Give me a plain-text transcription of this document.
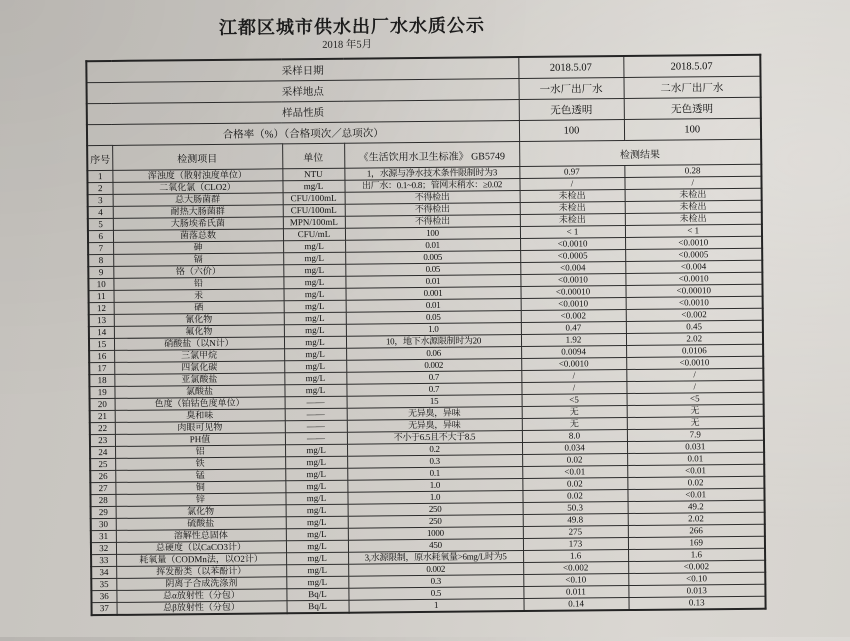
江都区城市供水出厂水水质公示
2018 年5月
采样日期				2018.5.07	2018.5.07
采样地点				一水厂出厂水	二水厂出厂水
样品性质				无色透明	无色透明
合格率（%）（合格项次／总项次）				100	100
序号	检测项目	单位	《生活饮用水卫生标准》 GB5749	检测结果	
1	浑浊度（散射浊度单位）	NTU	1，水源与净水技术条件限制时为3	0.97	0.28
2	二氧化氯（CLO2）	mg/L	出厂水：0.1~0.8；管网末稍水：≥0.02	/	/
3	总大肠菌群	CFU/100mL	不得检出	未检出	未检出
4	耐热大肠菌群	CFU/100mL	不得检出	未检出	未检出
5	大肠埃希氏菌	MPN/100mL	不得检出	未检出	未检出
6	菌落总数	CFU/mL	100	< 1	< 1
7	砷	mg/L	0.01	<0.0010	<0.0010
8	镉	mg/L	0.005	<0.0005	<0.0005
9	铬（六价）	mg/L	0.05	<0.004	<0.004
10	铅	mg/L	0.01	<0.0010	<0.0010
11	汞	mg/L	0.001	<0.00010	<0.00010
12	硒	mg/L	0.01	<0.0010	<0.0010
13	氰化物	mg/L	0.05	<0.002	<0.002
14	氟化物	mg/L	1.0	0.47	0.45
15	硝酸盐（以N计）	mg/L	10，地下水源限制时为20	1.92	2.02
16	三氯甲烷	mg/L	0.06	0.0094	0.0106
17	四氯化碳	mg/L	0.002	<0.0010	<0.0010
18	亚氯酸盐	mg/L	0.7	/	/
19	氯酸盐	mg/L	0.7	/	/
20	色度（铂钴色度单位）	——	15	<5	<5
21	臭和味	——	无异臭，异味	无	无
22	肉眼可见物	——	无异臭，异味	无	无
23	PH值	——	不小于6.5且不大于8.5	8.0	7.9
24	铝	mg/L	0.2	0.034	0.031
25	铁	mg/L	0.3	0.02	0.01
26	锰	mg/L	0.1	<0.01	<0.01
27	铜	mg/L	1.0	0.02	0.02
28	锌	mg/L	1.0	0.02	<0.01
29	氯化物	mg/L	250	50.3	49.2
30	硫酸盐	mg/L	250	49.8	2.02
31	溶解性总固体	mg/L	1000	275	266
32	总硬度（以CaCO3计）	mg/L	450	173	169
33	耗氧量（CODMn法，以O2计）	mg/L	3,水源限制，原水耗氧量>6mg/L时为5	1.6	1.6
34	挥发酚类（以苯酚计）	mg/L	0.002	<0.002	<0.002
35	阴离子合成洗涤剂	mg/L	0.3	<0.10	<0.10
36	总α放射性（分包）	Bq/L	0.5	0.011	0.013
37	总β放射性（分包）	Bq/L	1	0.14	0.13
